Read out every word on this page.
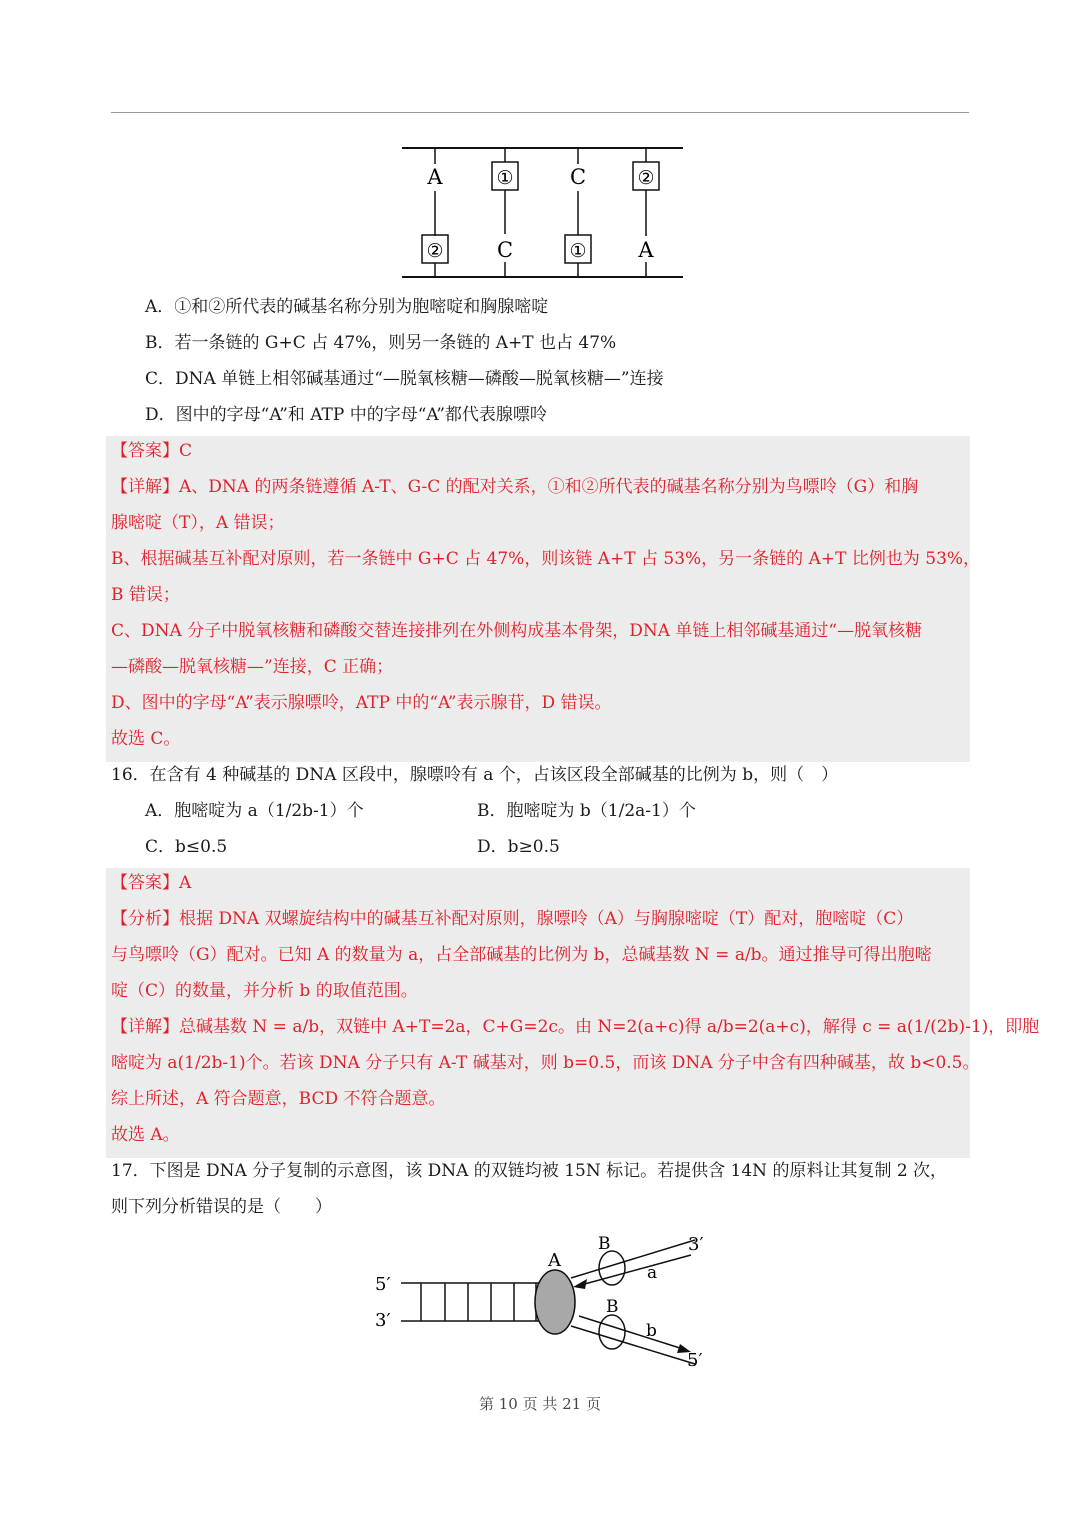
A
②
①
C
C
①
②
A
A．①和②所代表的碱基名称分别为胞嘧啶和胸腺嘧啶
B．若一条链的 G+C 占 47%，则另一条链的 A+T 也占 47%
C．DNA 单链上相邻碱基通过“—脱氧核糖—磷酸—脱氧核糖—”连接
D．图中的字母“A”和 ATP 中的字母“A”都代表腺嘌呤
【答案】C
【详解】A、DNA 的两条链遵循 A-T、G-C 的配对关系，①和②所代表的碱基名称分别为鸟嘌呤（G）和胸
腺嘧啶（T），A 错误；
B、根据碱基互补配对原则，若一条链中 G+C 占 47%，则该链 A+T 占 53%，另一条链的 A+T 比例也为 53%，
B 错误；
C、DNA 分子中脱氧核糖和磷酸交替连接排列在外侧构成基本骨架，DNA 单链上相邻碱基通过“—脱氧核糖
—磷酸—脱氧核糖—”连接，C 正确；
D、图中的字母“A”表示腺嘌呤，ATP 中的“A”表示腺苷，D 错误。
故选 C。
16．在含有 4 种碱基的 DNA 区段中，腺嘌呤有 a 个，占该区段全部碱基的比例为 b，则（　）
A．胞嘧啶为 a（1/2b-1）个	B．胞嘧啶为 b（1/2a-1）个
C．b≤0.5	D．b≥0.5
【答案】A
【分析】根据 DNA 双螺旋结构中的碱基互补配对原则，腺嘌呤（A）与胸腺嘧啶（T）配对，胞嘧啶（C）
与鸟嘌呤（G）配对。已知 A 的数量为 a，占全部碱基的比例为 b，总碱基数 N = a/b。通过推导可得出胞嘧
啶（C）的数量，并分析 b 的取值范围。
【详解】总碱基数 N = a/b，双链中 A+T=2a，C+G=2c。由 N=2(a+c)得 a/b=2(a+c)，解得 c = a(1/(2b)-1)，即胞
嘧啶为 a(1/2b-1)个。若该 DNA 分子只有 A-T 碱基对，则 b=0.5，而该 DNA 分子中含有四种碱基，故 b<0.5。
综上所述，A 符合题意，BCD 不符合题意。
故选 A。
17．下图是 DNA 分子复制的示意图，该 DNA 的双链均被 15N 标记。若提供含 14N 的原料让其复制 2 次，
则下列分析错误的是（　　）
5′
3′
A
B
a
3′
B
b
5′
第 10 页 共 21 页
